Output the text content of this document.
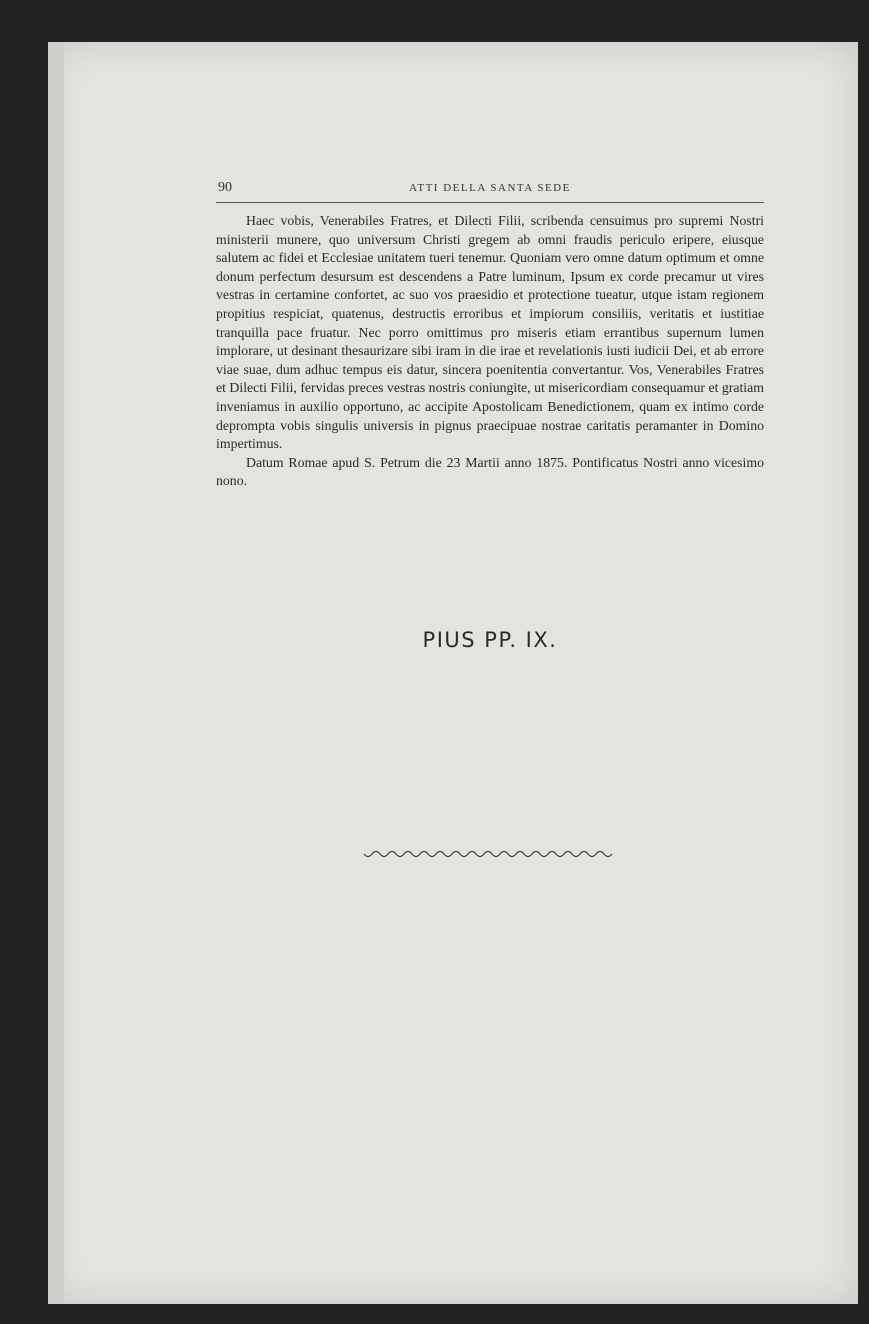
90	ATTI DELLA SANTA SEDE

Haec vobis, Venerabiles Fratres, et Dilecti Filii, scribenda censuimus pro supremi Nostri ministerii munere, quo universum Christi gregem ab omni fraudis periculo eripere, eiusque salutem ac fidei et Ecclesiae unitatem tueri tenemur. Quoniam vero omne datum optimum et omne donum perfectum desursum est descendens a Patre luminum, Ipsum ex corde precamur ut vires vestras in certamine confortet, ac suo vos praesidio et protectione tueatur, utque istam regionem propitius respiciat, quatenus, destructis erroribus et impiorum consiliis, veritatis et iustitiae tranquilla pace fruatur. Nec porro omittimus pro miseris etiam errantibus supernum lumen implorare, ut desinant thesaurizare sibi iram in die irae et revelationis iusti iudicii Dei, et ab errore viae suae, dum adhuc tempus eis datur, sincera poenitentia convertantur. Vos, Venerabiles Fratres et Dilecti Filii, fervidas preces vestras nostris coniungite, ut misericordiam consequamur et gratiam inveniamus in auxilio opportuno, ac accipite Apostolicam Benedictionem, quam ex intimo corde deprompta vobis singulis universis in pignus praecipuae nostrae caritatis peramanter in Domino impertimus.

Datum Romae apud S. Petrum die 23 Martii anno 1875. Pontificatus Nostri anno vicesimo nono.

PIUS PP. IX.
